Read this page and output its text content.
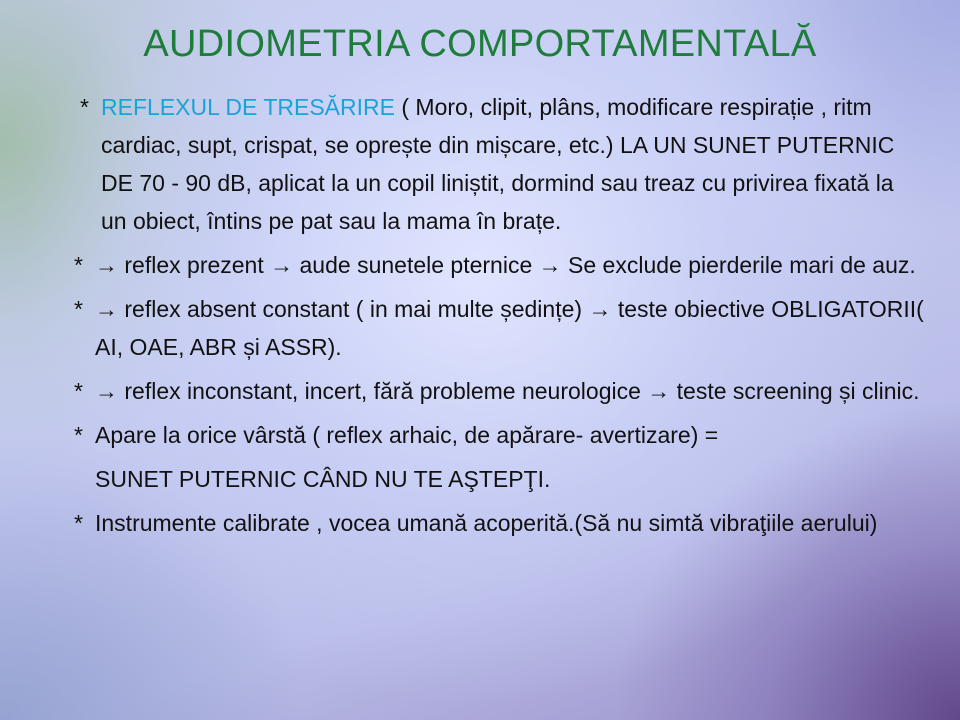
AUDIOMETRIA COMPORTAMENTALĂ

* REFLEXUL DE TRESĂRIRE ( Moro, clipit, plâns, modificare respirație , ritm cardiac, supt, crispat, se oprește din mișcare, etc.) LA UN SUNET PUTERNIC DE 70 - 90 dB, aplicat la un copil liniștit, dormind sau treaz cu privirea fixată la un obiect, întins pe pat sau la mama în brațe.

* → reflex prezent → aude sunetele pternice → Se exclude pierderile mari de auz.

* → reflex absent constant ( in mai multe ședințe) → teste obiective OBLIGATORII( AI, OAE, ABR și ASSR).

* → reflex inconstant, incert, fără probleme neurologice → teste screening și clinic.

* Apare la orice vârstă ( reflex arhaic, de apărare- avertizare) =

SUNET PUTERNIC CÂND NU TE AŞTEPŢI.

* Instrumente calibrate , vocea umană acoperită.(Să nu simtă vibraţiile aerului)
